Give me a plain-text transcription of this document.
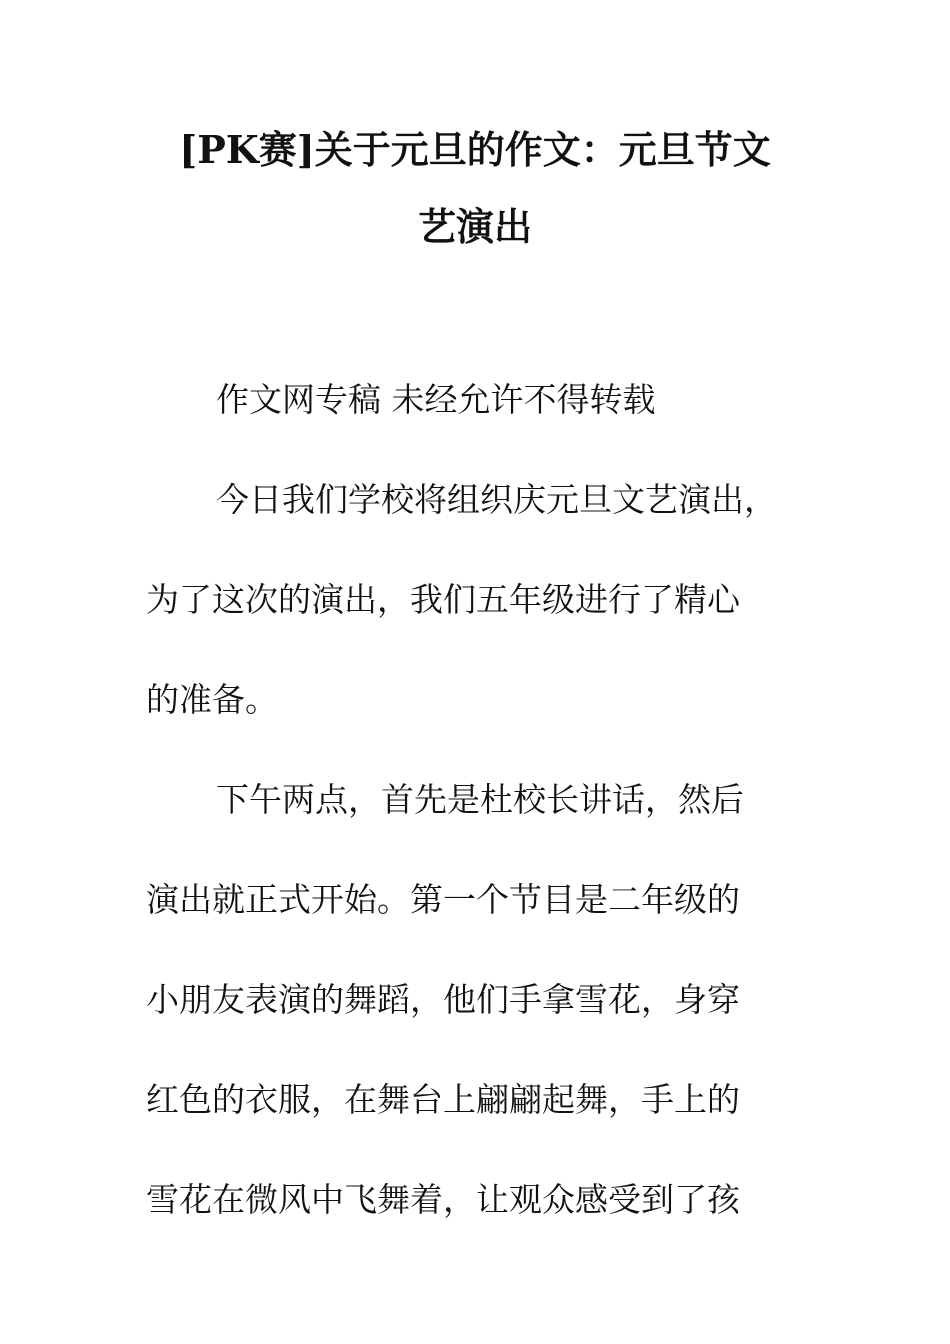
[PK赛]关于元旦的作文：元旦节文
艺演出

作文网专稿 未经允许不得转载

今日我们学校将组织庆元旦文艺演出，

为了这次的演出，我们五年级进行了精心

的准备。

下午两点，首先是杜校长讲话，然后

演出就正式开始。第一个节目是二年级的

小朋友表演的舞蹈，他们手拿雪花，身穿

红色的衣服，在舞台上翩翩起舞，手上的

雪花在微风中飞舞着，让观众感受到了孩
